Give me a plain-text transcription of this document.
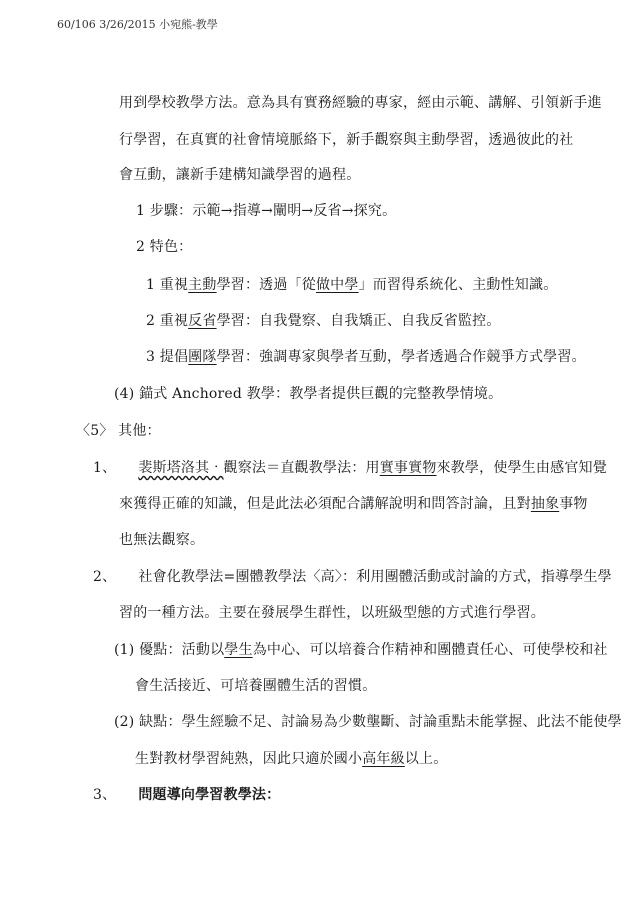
60/106 3/26/2015 小宛熊-教學
用到學校教學方法。意為具有實務經驗的專家，經由示範、講解、引領新手進
行學習，在真實的社會情境脈絡下，新手觀察與主動學習，透過彼此的社
會互動，讓新手建構知識學習的過程。
1 步驟：示範→指導→闡明→反省→探究。
2 特色：
1 重視主動學習：透過「從做中學」而習得系統化、主動性知識。
2 重視反省學習：自我覺察、自我矯正、自我反省監控。
3 提倡團隊學習：強調專家與學者互動，學者透過合作競爭方式學習。
(4) 錨式 Anchored 教學：教學者提供巨觀的完整教學情境。
〈5〉 其他：
1、 裴斯塔洛其‧觀察法＝直觀教學法：用實事實物來教學，使學生由感官知覺
來獲得正確的知識，但是此法必須配合講解說明和問答討論，且對抽象事物
也無法觀察。
2、 社會化教學法=團體教學法〈高〉：利用團體活動或討論的方式，指導學生學
習的一種方法。主要在發展學生群性，以班級型態的方式進行學習。
(1) 優點：活動以學生為中心、可以培養合作精神和團體責任心、可使學校和社
會生活接近、可培養團體生活的習慣。
(2) 缺點：學生經驗不足、討論易為少數壟斷、討論重點未能掌握、此法不能使學
生對教材學習純熟，因此只適於國小高年級以上。
3、 問題導向學習教學法：
